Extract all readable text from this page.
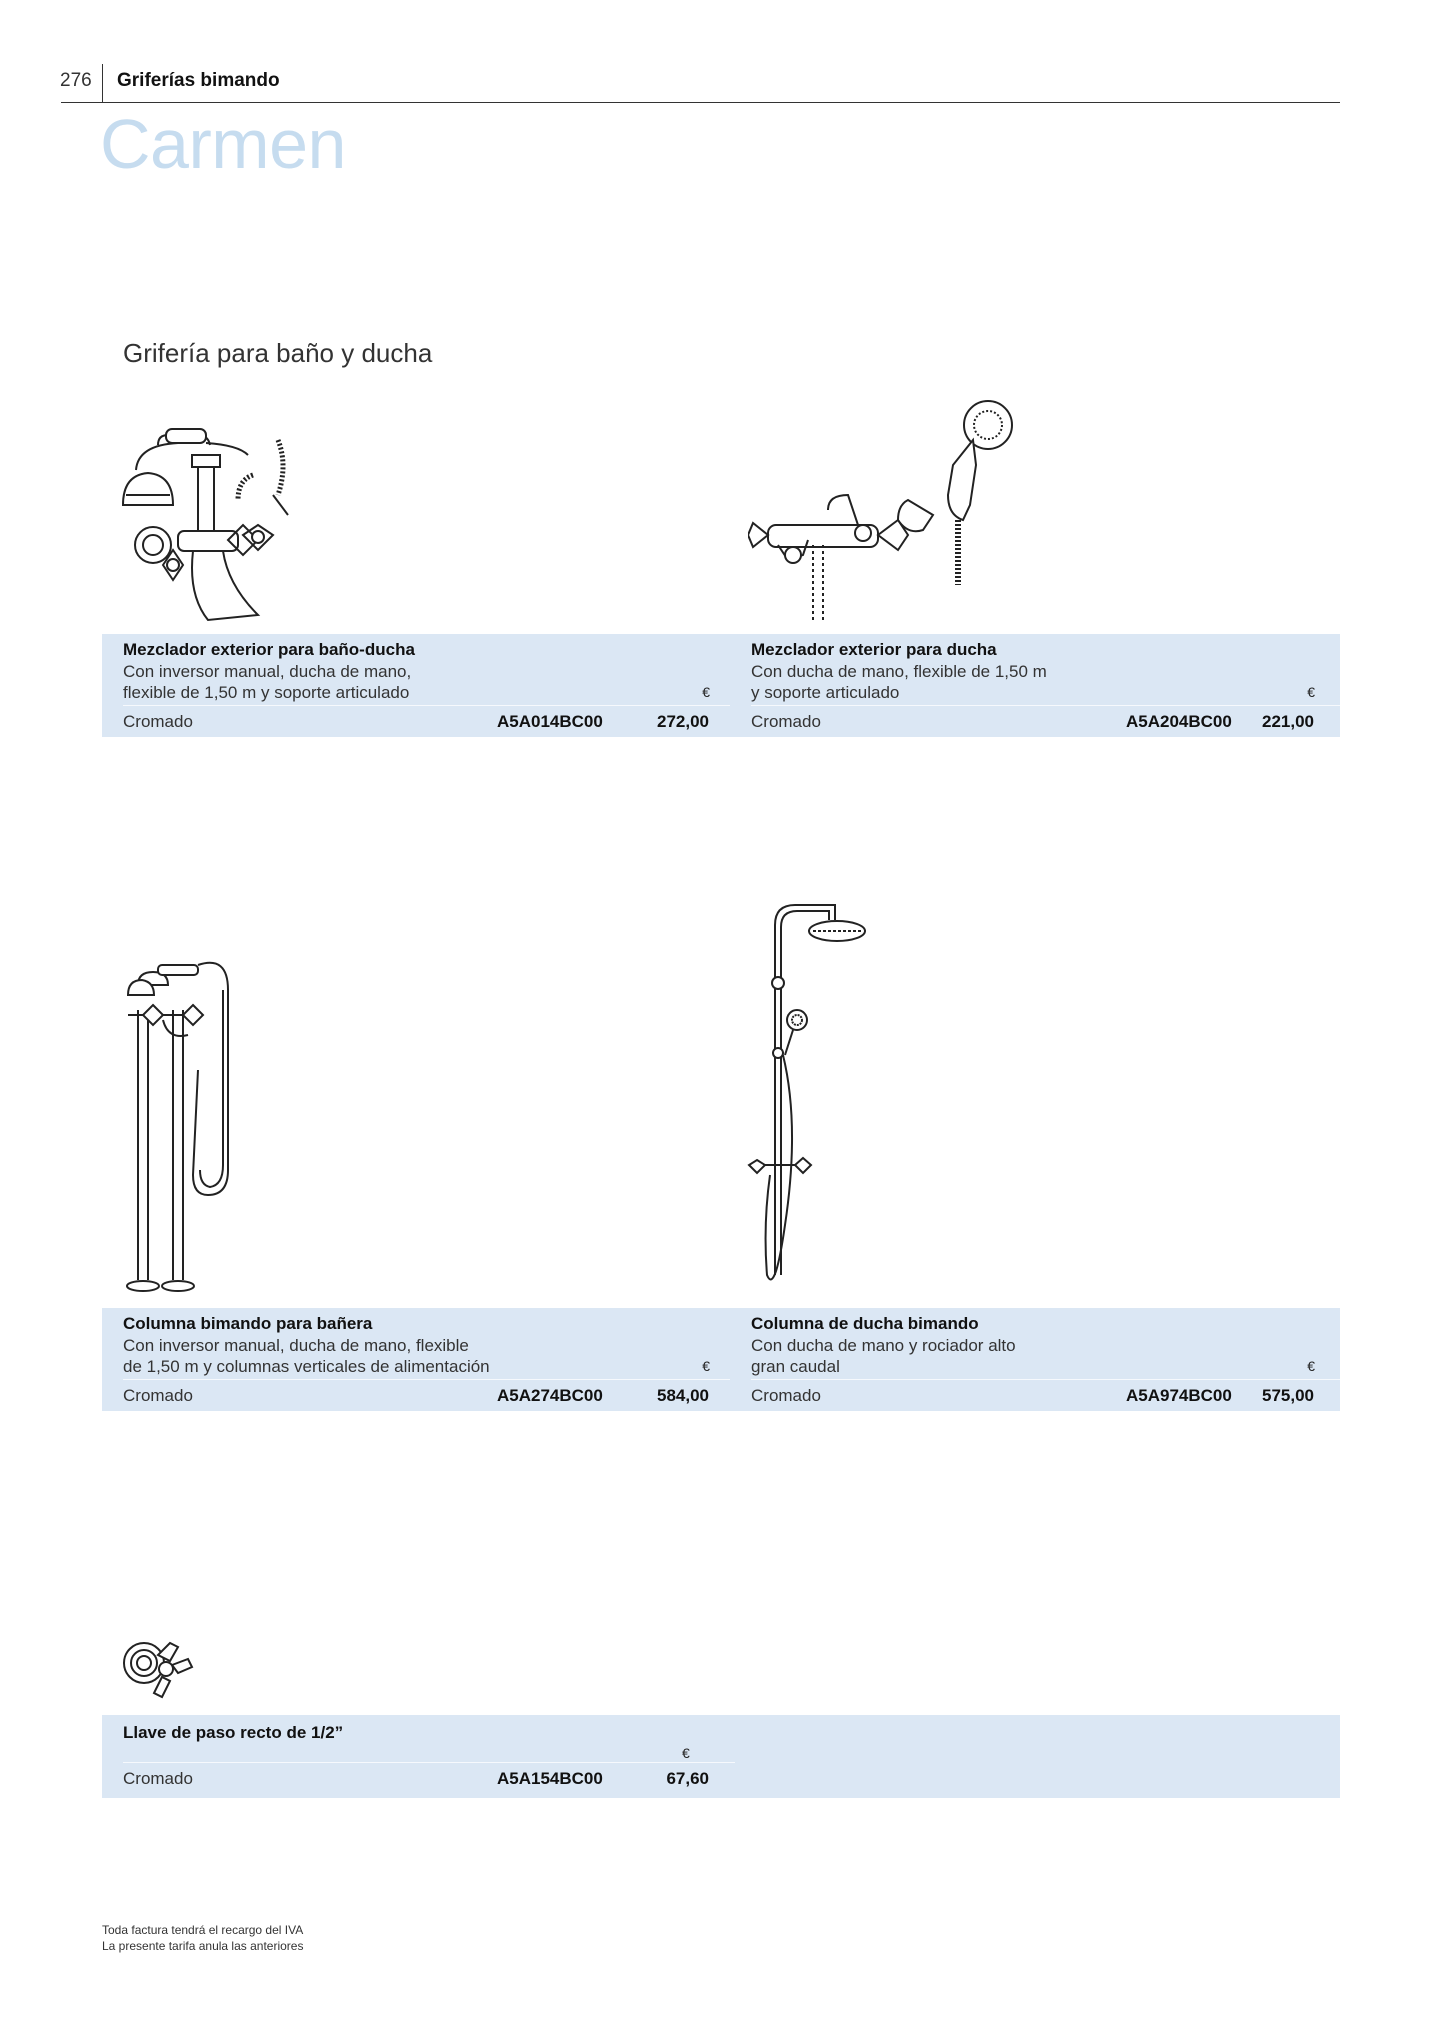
276 Griferías bimando
Carmen
Grifería para baño y ducha
Mezclador exterior para baño-ducha
Con inversor manual, ducha de mano,
flexible de 1,50 m y soporte articulado	€
Cromado	A5A014BC00	272,00
Mezclador exterior para ducha
Con ducha de mano, flexible de 1,50 m
y soporte articulado	€
Cromado	A5A204BC00 221,00
Columna bimando para bañera
Con inversor manual, ducha de mano, flexible
de 1,50 m y columnas verticales de alimentación	€
Cromado	A5A274BC00	584,00
Columna de ducha bimando
Con ducha de mano y rociador alto
gran caudal	€
Cromado	A5A974BC00 575,00
Llave de paso recto de 1/2”
€
Cromado	A5A154BC00	67,60
Toda factura tendrá el recargo del IVA
La presente tarifa anula las anteriores
